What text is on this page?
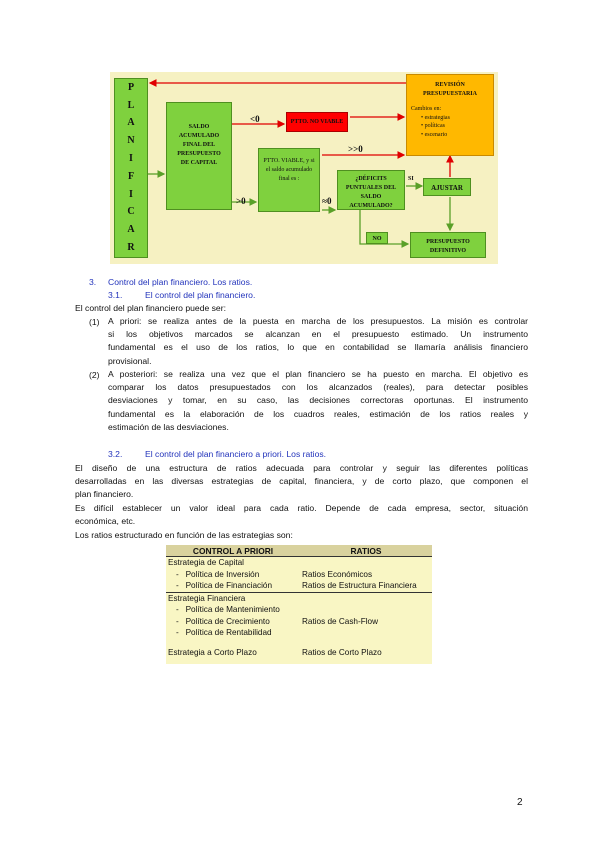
P
L
A
N
I
F
I
C
A
R
SALDO ACUMULADO FINAL DEL PRESUPUESTO DE CAPITAL
PTTO. NO VIABLE
PTTO. VIABLE, y si el saldo acumulado final es :	¿DÉFICITS PUNTUALES DEL SALDO ACUMULADO?
AJUSTAR
PRESUPUESTO DEFINITIVO
REVISIÓN PRESUPUESTARIA
Cambios en:
• estrategias
• políticas
• escenario
<0
>>0
>0	≈0
SI
NO
3. Control del plan financiero. Los ratios.
3.1.	El control del plan financiero.
El control del plan financiero puede ser:
(1) A priori: se realiza antes de la puesta en marcha de los presupuestos. La misión es controlar

si los objetivos marcados se alcanzan en el presupuesto estimado. Un instrumento

fundamental es el uso de los ratios, lo que en contabilidad se llamaría análisis financiero

provisional.

(2) A posteriori: se realiza una vez que el plan financiero se ha puesto en marcha. El objetivo es

comparar los datos presupuestados con los alcanzados (reales), para detectar posibles

desviaciones y tomar, en su caso, las decisiones correctoras oportunas. El instrumento

fundamental es la elaboración de los cuadros reales, estimación de los ratios reales y

estimación de las desviaciones.

3.2.	El control del plan financiero a priori. Los ratios.

El diseño de una estructura de ratios adecuada para controlar y seguir las diferentes políticas

desarrolladas en las diversas estrategias de capital, financiera, y de corto plazo, que componen el

plan financiero.

Es difícil establecer un valor ideal para cada ratio. Depende de cada empresa, sector, situación

económica, etc.

Los ratios estructurado en función de las estrategias son:
CONTROL A PRIORI	RATIOS
Estrategia de Capital	
- Política de Inversión	Ratios Económicos
- Política de Financiación	Ratios de Estructura Financiera
Estrategia Financiera	
- Política de Mantenimiento	
- Política de Crecimiento	Ratios de Cash-Flow
- Política de Rentabilidad	

Estrategia a Corto Plazo	Ratios de Corto Plazo

2
